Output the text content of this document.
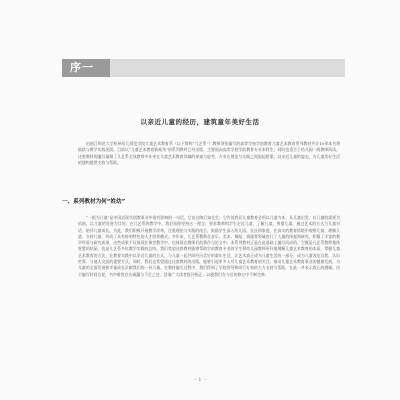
序一
以亲近儿童的经历，建筑童年美好生活

由浙江师范大学杭州幼儿师范学院儿童艺术教育系（以下简称“儿艺系”）教师领衔编写的高等学校学前教育儿童艺术教育系列教材共计10余本书将陆续与教学实践见面。目前以“儿童艺术教育新视角”的系列教材已经出版，主要面向高等学校学前教育专业本科生，同时也适合于幼儿园一线教师阅读。这套教材的编写凝聚了儿艺系全体教师多年来在儿童艺术教育领域的探索与思考，力求在理论与实践之间架起桥梁，以亲近儿童的姿态，为儿童美好生活的建构提供支持与帮助。

一、系列教材为何“姓幼”

“一组为儿童”是中国近现代创教事业中很有影响的一句话，它出自陶行知先生。它告诉我们儿童教育必须以儿童为本，从儿童出发，以儿童的需要为依据，以儿童的发展为目的。在儿艺系的教学中，我们始终坚持这一理念，要求教师和学生走近儿童、了解儿童、尊重儿童，通过艺术的方式与儿童对话，陪伴儿童成长。为此，我们积极开展教学改革，注重理论与实践的结合，鼓励学生深入幼儿园、社区和家庭，在真实的教育情境中观察儿童、理解儿童、支持儿童，形成了具有鲜明特色的人才培养模式。多年来，儿艺系教师在音乐、美术、舞蹈、戏剧等领域进行了大量的探索和研究，积累了丰富的教学经验与研究成果，这些成果不仅体现在课堂教学中，也体现在教师们的著作与论文中。本系列教材正是在此基础上编写而成的，它既是儿艺系教师集体智慧的结晶，也是儿艺系多年教学实践的总结。我们希望这套教材能够帮助学前教育专业的学生和幼儿园教师更好地理解儿童艺术教育的本质，掌握儿童艺术教育的方法，在教育实践中以亲近儿童的方式，与儿童一起共同经历美好的童年生活，让艺术真正成为儿童生活的一部分，成为儿童表达自我、认识世界、与他人交流的重要方式。同时，我们也希望通过这套教材的出版，能够引起更多人对儿童艺术教育的关注，推动儿童艺术教育事业的健康发展，为儿童的全面发展和幸福成长贡献我们的一份力量。在教材编写过程中，我们得到了学院领导和同行专家的大力支持与帮助，在此一并表示衷心的感谢。由于编写时间仓促，书中难免存在疏漏与不足之处，恳请广大读者批评指正，以便我们在今后的修订中不断完善。

－ 1 －
